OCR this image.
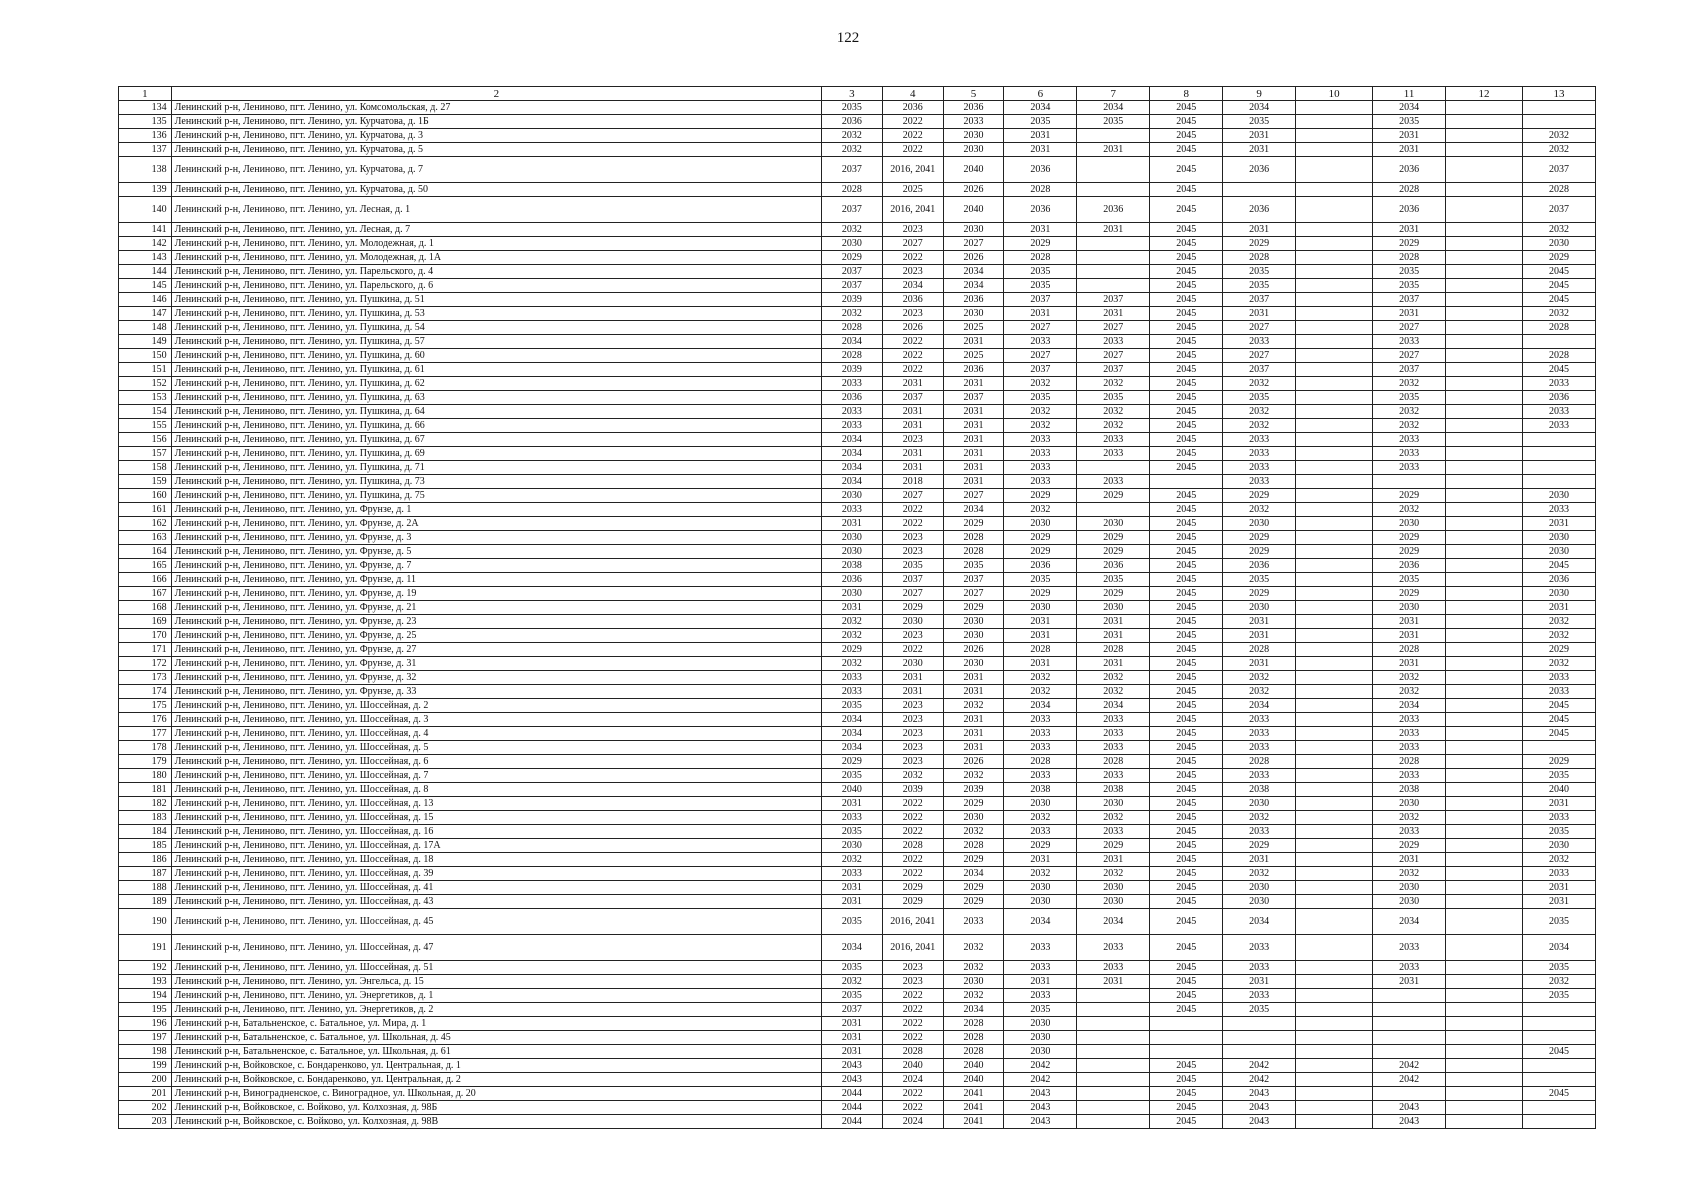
122
1	2	3	4	5	6	7	8	9	10	11	12	13
134	Ленинский р-н, Лениново, пгт. Ленино, ул. Комсомольская, д. 27	2035	2036	2036	2034	2034	2045	2034		2034		
135	Ленинский р-н, Лениново, пгт. Ленино, ул. Курчатова, д. 1Б	2036	2022	2033	2035	2035	2045	2035		2035		
136	Ленинский р-н, Лениново, пгт. Ленино, ул. Курчатова, д. 3	2032	2022	2030	2031		2045	2031		2031		2032
137	Ленинский р-н, Лениново, пгт. Ленино, ул. Курчатова, д. 5	2032	2022	2030	2031	2031	2045	2031		2031		2032
138	Ленинский р-н, Лениново, пгт. Ленино, ул. Курчатова, д. 7	2037	2016, 2041	2040	2036		2045	2036		2036		2037
139	Ленинский р-н, Лениново, пгт. Ленино, ул. Курчатова, д. 50	2028	2025	2026	2028		2045			2028		2028
140	Ленинский р-н, Лениново, пгт. Ленино, ул. Лесная, д. 1	2037	2016, 2041	2040	2036	2036	2045	2036		2036		2037
141	Ленинский р-н, Лениново, пгт. Ленино, ул. Лесная, д. 7	2032	2023	2030	2031	2031	2045	2031		2031		2032
142	Ленинский р-н, Лениново, пгт. Ленино, ул. Молодежная, д. 1	2030	2027	2027	2029		2045	2029		2029		2030
143	Ленинский р-н, Лениново, пгт. Ленино, ул. Молодежная, д. 1А	2029	2022	2026	2028		2045	2028		2028		2029
144	Ленинский р-н, Лениново, пгт. Ленино, ул. Парельского, д. 4	2037	2023	2034	2035		2045	2035		2035		2045
145	Ленинский р-н, Лениново, пгт. Ленино, ул. Парельского, д. 6	2037	2034	2034	2035		2045	2035		2035		2045
146	Ленинский р-н, Лениново, пгт. Ленино, ул. Пушкина, д. 51	2039	2036	2036	2037	2037	2045	2037		2037		2045
147	Ленинский р-н, Лениново, пгт. Ленино, ул. Пушкина, д. 53	2032	2023	2030	2031	2031	2045	2031		2031		2032
148	Ленинский р-н, Лениново, пгт. Ленино, ул. Пушкина, д. 54	2028	2026	2025	2027	2027	2045	2027		2027		2028
149	Ленинский р-н, Лениново, пгт. Ленино, ул. Пушкина, д. 57	2034	2022	2031	2033	2033	2045	2033		2033		
150	Ленинский р-н, Лениново, пгт. Ленино, ул. Пушкина, д. 60	2028	2022	2025	2027	2027	2045	2027		2027		2028
151	Ленинский р-н, Лениново, пгт. Ленино, ул. Пушкина, д. 61	2039	2022	2036	2037	2037	2045	2037		2037		2045
152	Ленинский р-н, Лениново, пгт. Ленино, ул. Пушкина, д. 62	2033	2031	2031	2032	2032	2045	2032		2032		2033
153	Ленинский р-н, Лениново, пгт. Ленино, ул. Пушкина, д. 63	2036	2037	2037	2035	2035	2045	2035		2035		2036
154	Ленинский р-н, Лениново, пгт. Ленино, ул. Пушкина, д. 64	2033	2031	2031	2032	2032	2045	2032		2032		2033
155	Ленинский р-н, Лениново, пгт. Ленино, ул. Пушкина, д. 66	2033	2031	2031	2032	2032	2045	2032		2032		2033
156	Ленинский р-н, Лениново, пгт. Ленино, ул. Пушкина, д. 67	2034	2023	2031	2033	2033	2045	2033		2033		
157	Ленинский р-н, Лениново, пгт. Ленино, ул. Пушкина, д. 69	2034	2031	2031	2033	2033	2045	2033		2033		
158	Ленинский р-н, Лениново, пгт. Ленино, ул. Пушкина, д. 71	2034	2031	2031	2033		2045	2033		2033		
159	Ленинский р-н, Лениново, пгт. Ленино, ул. Пушкина, д. 73	2034	2018	2031	2033	2033		2033				
160	Ленинский р-н, Лениново, пгт. Ленино, ул. Пушкина, д. 75	2030	2027	2027	2029	2029	2045	2029		2029		2030
161	Ленинский р-н, Лениново, пгт. Ленино, ул. Фрунзе, д. 1	2033	2022	2034	2032		2045	2032		2032		2033
162	Ленинский р-н, Лениново, пгт. Ленино, ул. Фрунзе, д. 2А	2031	2022	2029	2030	2030	2045	2030		2030		2031
163	Ленинский р-н, Лениново, пгт. Ленино, ул. Фрунзе, д. 3	2030	2023	2028	2029	2029	2045	2029		2029		2030
164	Ленинский р-н, Лениново, пгт. Ленино, ул. Фрунзе, д. 5	2030	2023	2028	2029	2029	2045	2029		2029		2030
165	Ленинский р-н, Лениново, пгт. Ленино, ул. Фрунзе, д. 7	2038	2035	2035	2036	2036	2045	2036		2036		2045
166	Ленинский р-н, Лениново, пгт. Ленино, ул. Фрунзе, д. 11	2036	2037	2037	2035	2035	2045	2035		2035		2036
167	Ленинский р-н, Лениново, пгт. Ленино, ул. Фрунзе, д. 19	2030	2027	2027	2029	2029	2045	2029		2029		2030
168	Ленинский р-н, Лениново, пгт. Ленино, ул. Фрунзе, д. 21	2031	2029	2029	2030	2030	2045	2030		2030		2031
169	Ленинский р-н, Лениново, пгт. Ленино, ул. Фрунзе, д. 23	2032	2030	2030	2031	2031	2045	2031		2031		2032
170	Ленинский р-н, Лениново, пгт. Ленино, ул. Фрунзе, д. 25	2032	2023	2030	2031	2031	2045	2031		2031		2032
171	Ленинский р-н, Лениново, пгт. Ленино, ул. Фрунзе, д. 27	2029	2022	2026	2028	2028	2045	2028		2028		2029
172	Ленинский р-н, Лениново, пгт. Ленино, ул. Фрунзе, д. 31	2032	2030	2030	2031	2031	2045	2031		2031		2032
173	Ленинский р-н, Лениново, пгт. Ленино, ул. Фрунзе, д. 32	2033	2031	2031	2032	2032	2045	2032		2032		2033
174	Ленинский р-н, Лениново, пгт. Ленино, ул. Фрунзе, д. 33	2033	2031	2031	2032	2032	2045	2032		2032		2033
175	Ленинский р-н, Лениново, пгт. Ленино, ул. Шоссейная, д. 2	2035	2023	2032	2034	2034	2045	2034		2034		2045
176	Ленинский р-н, Лениново, пгт. Ленино, ул. Шоссейная, д. 3	2034	2023	2031	2033	2033	2045	2033		2033		2045
177	Ленинский р-н, Лениново, пгт. Ленино, ул. Шоссейная, д. 4	2034	2023	2031	2033	2033	2045	2033		2033		2045
178	Ленинский р-н, Лениново, пгт. Ленино, ул. Шоссейная, д. 5	2034	2023	2031	2033	2033	2045	2033		2033		
179	Ленинский р-н, Лениново, пгт. Ленино, ул. Шоссейная, д. 6	2029	2023	2026	2028	2028	2045	2028		2028		2029
180	Ленинский р-н, Лениново, пгт. Ленино, ул. Шоссейная, д. 7	2035	2032	2032	2033	2033	2045	2033		2033		2035
181	Ленинский р-н, Лениново, пгт. Ленино, ул. Шоссейная, д. 8	2040	2039	2039	2038	2038	2045	2038		2038		2040
182	Ленинский р-н, Лениново, пгт. Ленино, ул. Шоссейная, д. 13	2031	2022	2029	2030	2030	2045	2030		2030		2031
183	Ленинский р-н, Лениново, пгт. Ленино, ул. Шоссейная, д. 15	2033	2022	2030	2032	2032	2045	2032		2032		2033
184	Ленинский р-н, Лениново, пгт. Ленино, ул. Шоссейная, д. 16	2035	2022	2032	2033	2033	2045	2033		2033		2035
185	Ленинский р-н, Лениново, пгт. Ленино, ул. Шоссейная, д. 17А	2030	2028	2028	2029	2029	2045	2029		2029		2030
186	Ленинский р-н, Лениново, пгт. Ленино, ул. Шоссейная, д. 18	2032	2022	2029	2031	2031	2045	2031		2031		2032
187	Ленинский р-н, Лениново, пгт. Ленино, ул. Шоссейная, д. 39	2033	2022	2034	2032	2032	2045	2032		2032		2033
188	Ленинский р-н, Лениново, пгт. Ленино, ул. Шоссейная, д. 41	2031	2029	2029	2030	2030	2045	2030		2030		2031
189	Ленинский р-н, Лениново, пгт. Ленино, ул. Шоссейная, д. 43	2031	2029	2029	2030	2030	2045	2030		2030		2031
190	Ленинский р-н, Лениново, пгт. Ленино, ул. Шоссейная, д. 45	2035	2016, 2041	2033	2034	2034	2045	2034		2034		2035
191	Ленинский р-н, Лениново, пгт. Ленино, ул. Шоссейная, д. 47	2034	2016, 2041	2032	2033	2033	2045	2033		2033		2034
192	Ленинский р-н, Лениново, пгт. Ленино, ул. Шоссейная, д. 51	2035	2023	2032	2033	2033	2045	2033		2033		2035
193	Ленинский р-н, Лениново, пгт. Ленино, ул. Энгельса, д. 15	2032	2023	2030	2031	2031	2045	2031		2031		2032
194	Ленинский р-н, Лениново, пгт. Ленино, ул. Энергетиков, д. 1	2035	2022	2032	2033		2045	2033				2035
195	Ленинский р-н, Лениново, пгт. Ленино, ул. Энергетиков, д. 2	2037	2022	2034	2035		2045	2035				
196	Ленинский р-н, Батальненское, с. Батальное, ул. Мира, д. 1	2031	2022	2028	2030							
197	Ленинский р-н, Батальненское, с. Батальное, ул. Школьная, д. 45	2031	2022	2028	2030							
198	Ленинский р-н, Батальненское, с. Батальное, ул. Школьная, д. 61	2031	2028	2028	2030							2045
199	Ленинский р-н, Войковское, с. Бондаренково, ул. Центральная, д. 1	2043	2040	2040	2042		2045	2042		2042		
200	Ленинский р-н, Войковское, с. Бондаренково, ул. Центральная, д. 2	2043	2024	2040	2042		2045	2042		2042		
201	Ленинский р-н, Виноградненское, с. Виноградное, ул. Школьная, д. 20	2044	2022	2041	2043		2045	2043				2045
202	Ленинский р-н, Войковское, с. Войково, ул. Колхозная, д. 98Б	2044	2022	2041	2043		2045	2043		2043		
203	Ленинский р-н, Войковское, с. Войково, ул. Колхозная, д. 98В	2044	2024	2041	2043		2045	2043		2043		
